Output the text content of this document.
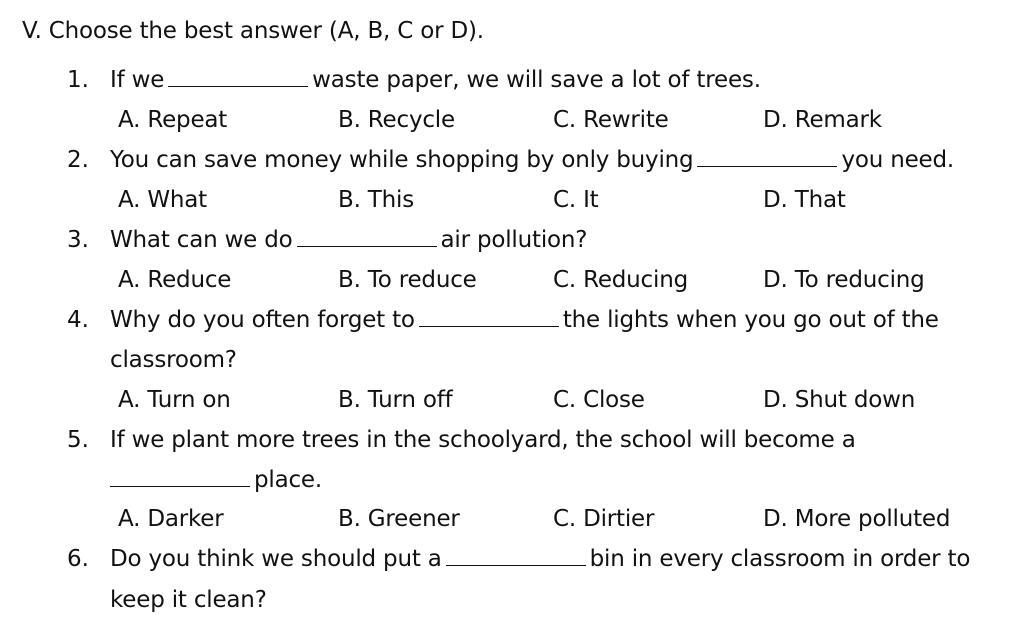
V. Choose the best answer (A, B, C or D).
1. If we	waste paper, we will save a lot of trees.
A. Repeat	B. Recycle	C. Rewrite	D. Remark
2. You can save money while shopping by only buying	you need.
A. What	B. This	C. It	D. That
3. What can we do	air pollution?
A. Reduce	B. To reduce	C. Reducing	D. To reducing
4. Why do you often forget to	the lights when you go out of the
classroom?
A. Turn on	B. Turn off	C. Close	D. Shut down
5. If we plant more trees in the schoolyard, the school will become a
place.
A. Darker	B. Greener	C. Dirtier	D. More polluted
6. Do you think we should put a	bin in every classroom in order to
keep it clean?
